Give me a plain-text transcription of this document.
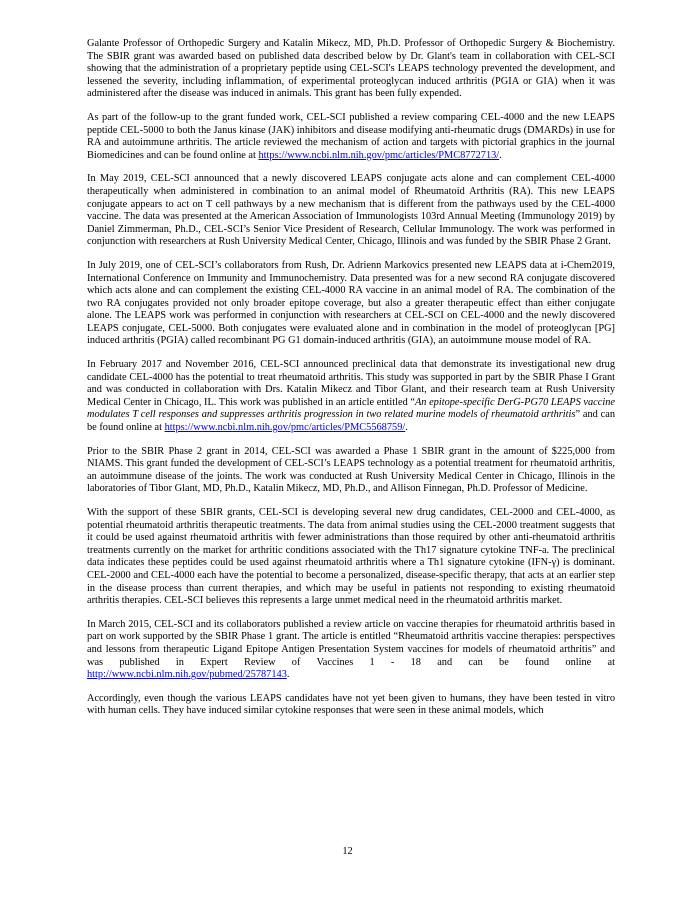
Galante Professor of Orthopedic Surgery and Katalin Mikecz, MD, Ph.D. Professor of Orthopedic Surgery & Biochemistry. The SBIR grant was awarded based on published data described below by Dr. Glant's team in collaboration with CEL-SCI showing that the administration of a proprietary peptide using CEL-SCI's LEAPS technology prevented the development, and lessened the severity, including inflammation, of experimental proteoglycan induced arthritis (PGIA or GIA) when it was administered after the disease was induced in animals. This grant has been fully expended.

As part of the follow-up to the grant funded work, CEL-SCI published a review comparing CEL-4000 and the new LEAPS peptide CEL-5000 to both the Janus kinase (JAK) inhibitors and disease modifying anti-rheumatic drugs (DMARDs) in use for RA and autoimmune arthritis. The article reviewed the mechanism of action and targets with pictorial graphics in the journal Biomedicines and can be found online at https://www.ncbi.nlm.nih.gov/pmc/articles/PMC8772713/.

In May 2019, CEL-SCI announced that a newly discovered LEAPS conjugate acts alone and can complement CEL-4000 therapeutically when administered in combination to an animal model of Rheumatoid Arthritis (RA). This new LEAPS conjugate appears to act on T cell pathways by a new mechanism that is different from the pathways used by the CEL-4000 vaccine. The data was presented at the American Association of Immunologists 103rd Annual Meeting (Immunology 2019) by Daniel Zimmerman, Ph.D., CEL-SCI’s Senior Vice President of Research, Cellular Immunology. The work was performed in conjunction with researchers at Rush University Medical Center, Chicago, Illinois and was funded by the SBIR Phase 2 Grant.

In July 2019, one of CEL-SCI’s collaborators from Rush, Dr. Adrienn Markovics presented new LEAPS data at i-Chem2019, International Conference on Immunity and Immunochemistry. Data presented was for a new second RA conjugate discovered which acts alone and can complement the existing CEL-4000 RA vaccine in an animal model of RA. The combination of the two RA conjugates provided not only broader epitope coverage, but also a greater therapeutic effect than either conjugate alone. The LEAPS work was performed in conjunction with researchers at CEL-SCI on CEL-4000 and the newly discovered LEAPS conjugate, CEL-5000. Both conjugates were evaluated alone and in combination in the model of proteoglycan [PG] induced arthritis (PGIA) called recombinant PG G1 domain-induced arthritis (GIA), an autoimmune mouse model of RA.

In February 2017 and November 2016, CEL-SCI announced preclinical data that demonstrate its investigational new drug candidate CEL-4000 has the potential to treat rheumatoid arthritis. This study was supported in part by the SBIR Phase I Grant and was conducted in collaboration with Drs. Katalin Mikecz and Tibor Glant, and their research team at Rush University Medical Center in Chicago, IL. This work was published in an article entitled “An epitope-specific DerG-PG70 LEAPS vaccine modulates T cell responses and suppresses arthritis progression in two related murine models of rheumatoid arthritis” and can be found online at https://www.ncbi.nlm.nih.gov/pmc/articles/PMC5568759/.

Prior to the SBIR Phase 2 grant in 2014, CEL-SCI was awarded a Phase 1 SBIR grant in the amount of $225,000 from NIAMS. This grant funded the development of CEL-SCI’s LEAPS technology as a potential treatment for rheumatoid arthritis, an autoimmune disease of the joints. The work was conducted at Rush University Medical Center in Chicago, Illinois in the laboratories of Tibor Glant, MD, Ph.D., Katalin Mikecz, MD, Ph.D., and Allison Finnegan, Ph.D. Professor of Medicine.

With the support of these SBIR grants, CEL-SCI is developing several new drug candidates, CEL-2000 and CEL-4000, as potential rheumatoid arthritis therapeutic treatments. The data from animal studies using the CEL-2000 treatment suggests that it could be used against rheumatoid arthritis with fewer administrations than those required by other anti-rheumatoid arthritis treatments currently on the market for arthritic conditions associated with the Th17 signature cytokine TNF-a. The preclinical data indicates these peptides could be used against rheumatoid arthritis where a Th1 signature cytokine (IFN-γ) is dominant. CEL-2000 and CEL-4000 each have the potential to become a personalized, disease-specific therapy, that acts at an earlier step in the disease process than current therapies, and which may be useful in patients not responding to existing rheumatoid arthritis therapies. CEL-SCI believes this represents a large unmet medical need in the rheumatoid arthritis market.

In March 2015, CEL-SCI and its collaborators published a review article on vaccine therapies for rheumatoid arthritis based in part on work supported by the SBIR Phase 1 grant. The article is entitled “Rheumatoid arthritis vaccine therapies: perspectives and lessons from therapeutic Ligand Epitope Antigen Presentation System vaccines for models of rheumatoid arthritis” and was published in Expert Review of Vaccines 1 - 18 and can be found online at http://www.ncbi.nlm.nih.gov/pubmed/25787143.

Accordingly, even though the various LEAPS candidates have not yet been given to humans, they have been tested in vitro with human cells. They have induced similar cytokine responses that were seen in these animal models, which

12
